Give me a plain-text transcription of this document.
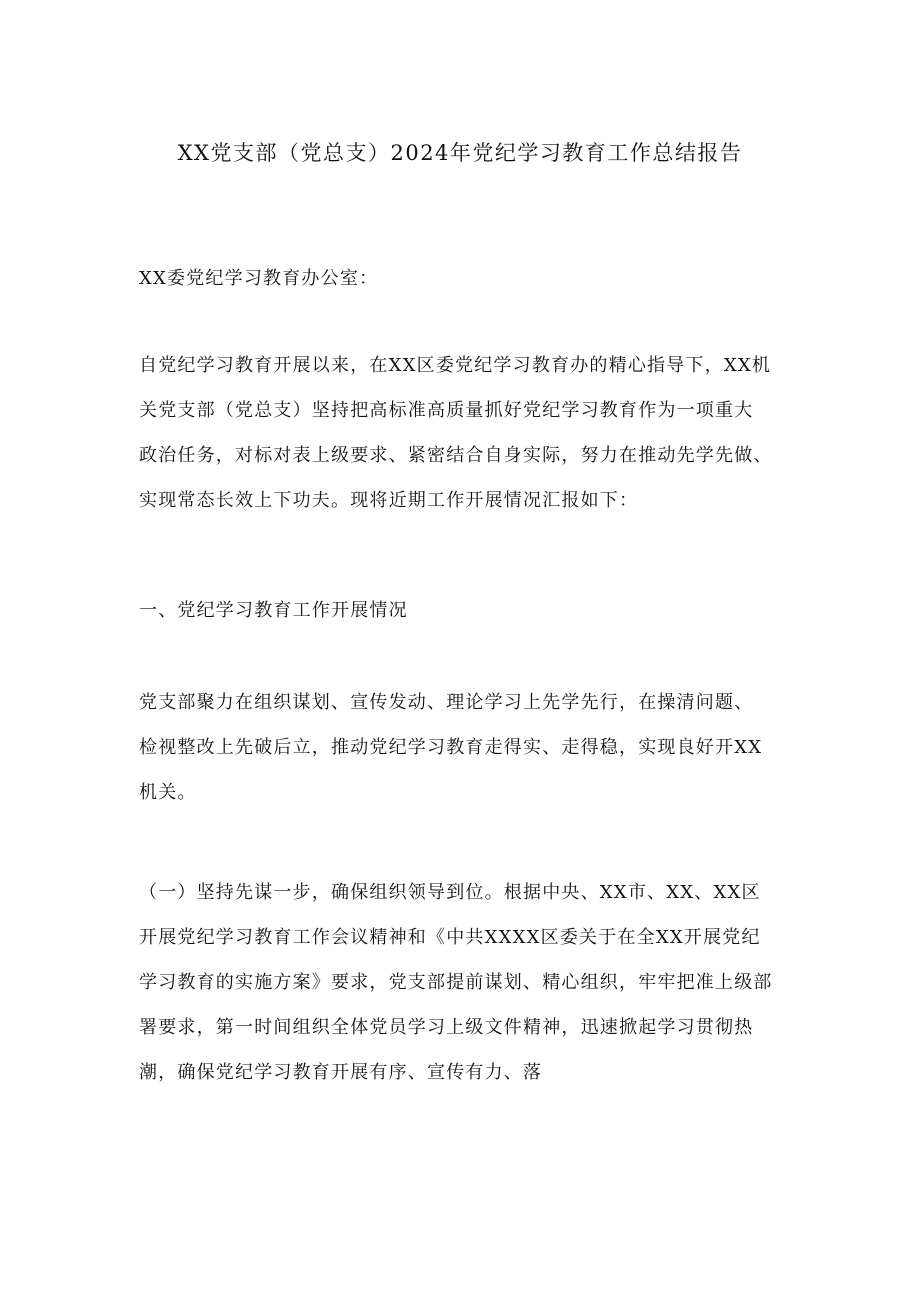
XX党支部（党总支）2024年党纪学习教育工作总结报告
XX委党纪学习教育办公室：
自党纪学习教育开展以来，在XX区委党纪学习教育办的精心指导下，XX机
关党支部（党总支）坚持把高标准高质量抓好党纪学习教育作为一项重大
政治任务，对标对表上级要求、紧密结合自身实际，努力在推动先学先做、
实现常态长效上下功夫。现将近期工作开展情况汇报如下：
一、党纪学习教育工作开展情况
党支部聚力在组织谋划、宣传发动、理论学习上先学先行，在操清问题、
检视整改上先破后立，推动党纪学习教育走得实、走得稳，实现良好开XX
机关。
（一）坚持先谋一步，确保组织领导到位。根据中央、XX市、XX、XX区
开展党纪学习教育工作会议精神和《中共XXXX区委关于在全XX开展党纪
学习教育的实施方案》要求，党支部提前谋划、精心组织，牢牢把准上级部
署要求，第一时间组织全体党员学习上级文件精神，迅速掀起学习贯彻热
潮，确保党纪学习教育开展有序、宣传有力、落
